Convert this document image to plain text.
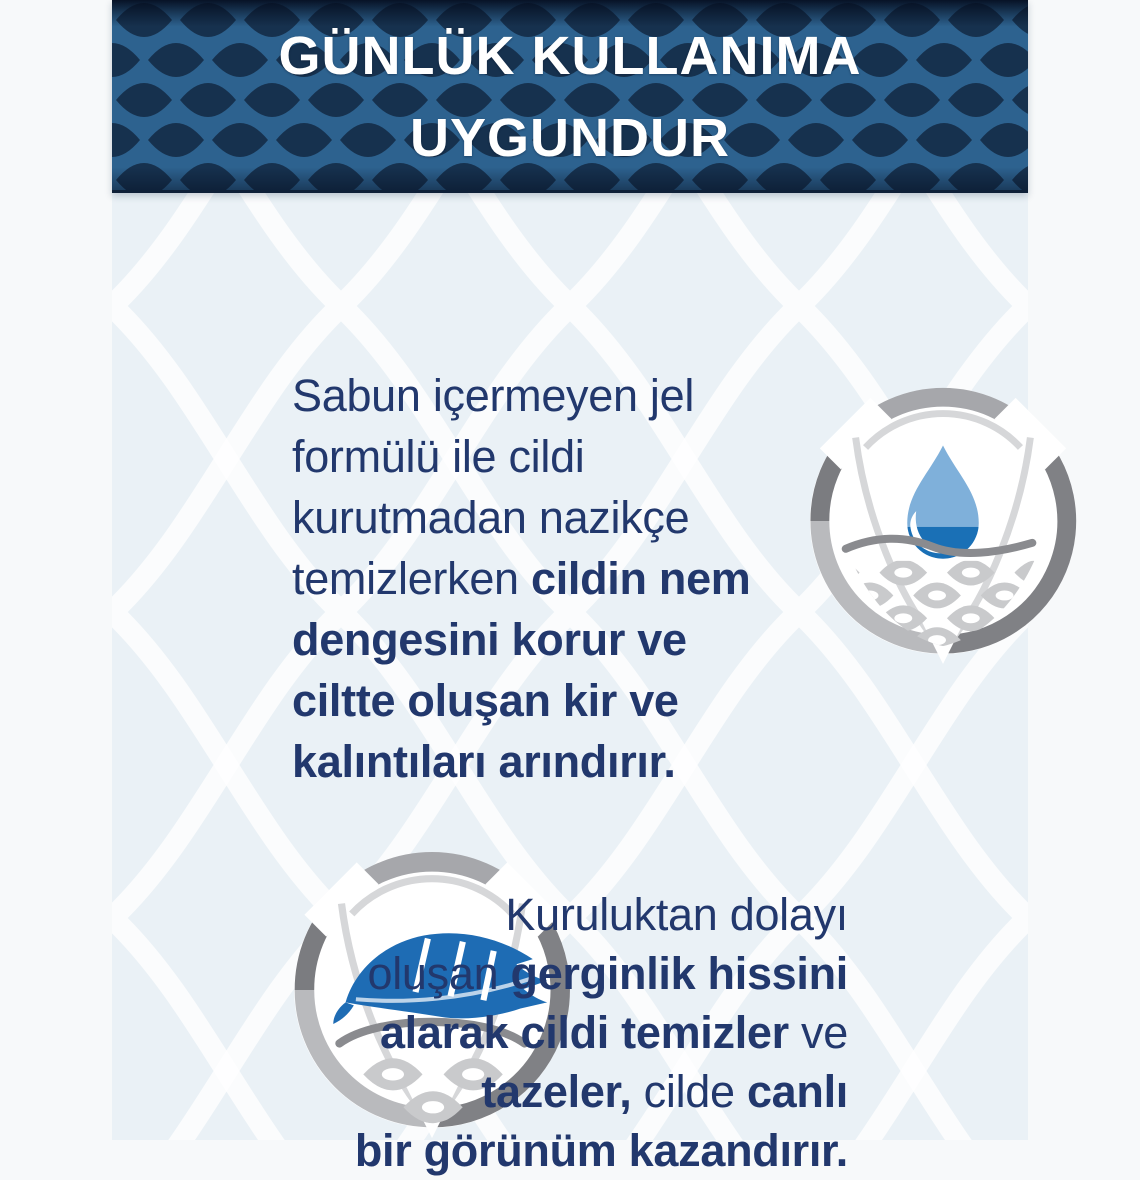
GÜNLÜK KULLANIMA
UYGUNDUR

Sabun içermeyen jel
formülü ile cildi
kurutmadan nazikçe
temizlerken cildin nem
dengesini korur ve
ciltte oluşan kir ve
kalıntıları arındırır.

Kuruluktan dolayı
oluşan gerginlik hissini
alarak cildi temizler ve
tazeler, cilde canlı
bir görünüm kazandırır.
